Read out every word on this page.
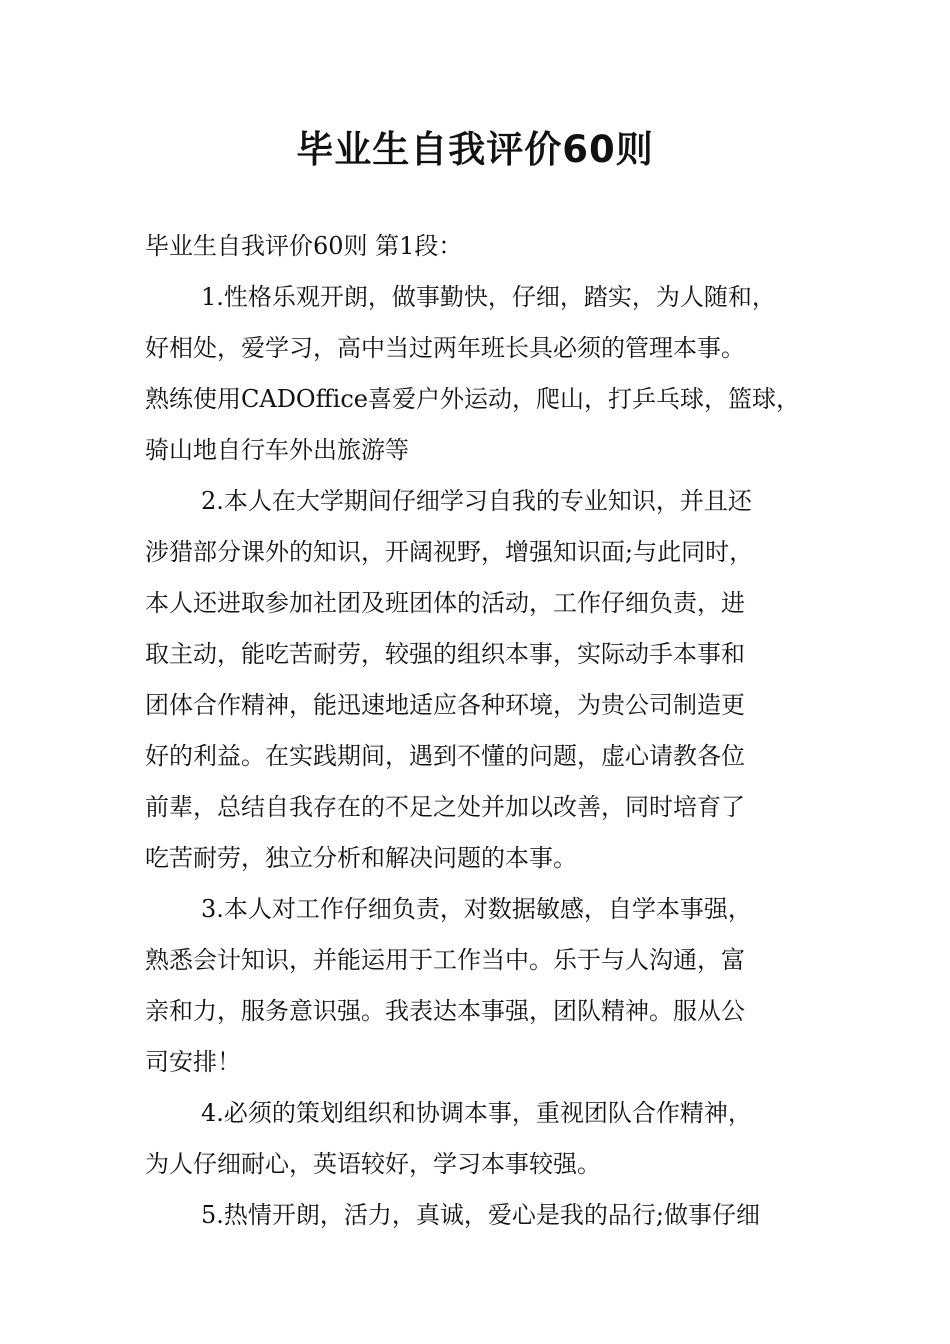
毕业生自我评价60则
毕业生自我评价60则 第1段：
1.性格乐观开朗，做事勤快，仔细，踏实，为人随和，
好相处，爱学习，高中当过两年班长具必须的管理本事。
熟练使用CADOffice喜爱户外运动，爬山，打乒乓球，篮球，
骑山地自行车外出旅游等
2.本人在大学期间仔细学习自我的专业知识，并且还
涉猎部分课外的知识，开阔视野，增强知识面;与此同时，
本人还进取参加社团及班团体的活动，工作仔细负责，进
取主动，能吃苦耐劳，较强的组织本事，实际动手本事和
团体合作精神，能迅速地适应各种环境，为贵公司制造更
好的利益。在实践期间，遇到不懂的问题，虚心请教各位
前辈，总结自我存在的不足之处并加以改善，同时培育了
吃苦耐劳，独立分析和解决问题的本事。
3.本人对工作仔细负责，对数据敏感，自学本事强，
熟悉会计知识，并能运用于工作当中。乐于与人沟通，富
亲和力，服务意识强。我表达本事强，团队精神。服从公
司安排！
4.必须的策划组织和协调本事，重视团队合作精神，
为人仔细耐心，英语较好，学习本事较强。
5.热情开朗，活力，真诚，爱心是我的品行;做事仔细
